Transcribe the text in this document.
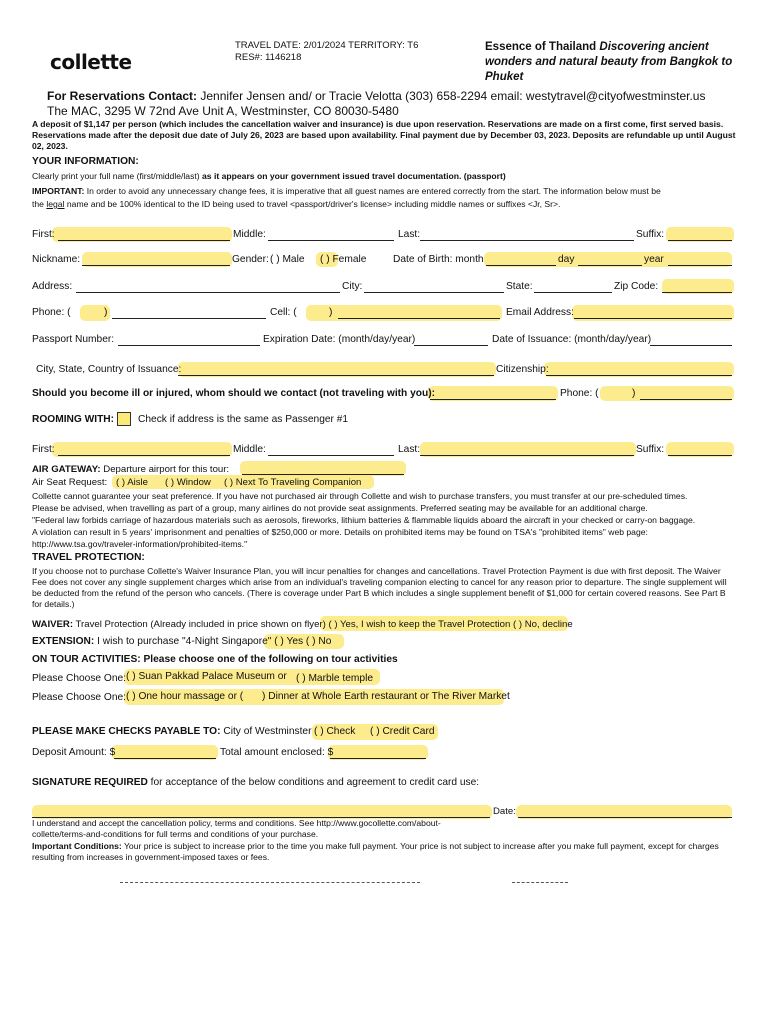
collette
TRAVEL DATE: 2/01/2024 TERRITORY: T6
RES#: 1146218
Essence of Thailand Discovering ancient wonders and natural beauty from Bangkok to Phuket
For Reservations Contact: Jennifer Jensen and/ or Tracie Velotta (303) 658-2294 email: westytravel@cityofwestminster.us
The MAC, 3295 W 72nd Ave Unit A, Westminster, CO 80030-5480
A deposit of $1,147 per person (which includes the cancellation waiver and insurance) is due upon reservation. Reservations are made on a first come, first served basis. Reservations made after the deposit due date of July 26, 2023 are based upon availability. Final payment due by December 03, 2023. Deposits are refundable up until August 02, 2023.
YOUR INFORMATION:
Clearly print your full name (first/middle/last) as it appears on your government issued travel documentation. (passport)
IMPORTANT: In order to avoid any unnecessary change fees, it is imperative that all guest names are entered correctly from the start. The information below must be
the legal name and be 100% identical to the ID being used to travel <passport/driver's license> including middle names or suffixes <Jr, Sr>.
First:	Middle:	Last:	Suffix:
Nickname:	Gender: ( ) Male ( ) Female	Date of Birth: month	day	year
Address:	City:	State:	Zip Code:
Phone: (	)	Cell: (	)	Email Address:
Passport Number:	Expiration Date: (month/day/year)	Date of Issuance: (month/day/year)
City, State, Country of Issuance:	Citizenship:
Should you become ill or injured, whom should we contact (not traveling with you):	Phone: (	)
ROOMING WITH: Check if address is the same as Passenger #1
First:	Middle:	Last:	Suffix:
AIR GATEWAY: Departure airport for this tour:
Air Seat Request: ( ) Aisle ( ) Window ( ) Next To Traveling Companion
Collette cannot guarantee your seat preference. If you have not purchased air through Collette and wish to purchase transfers, you must transfer at our pre-scheduled times.
Please be advised, when travelling as part of a group, many airlines do not provide seat assignments. Preferred seating may be available for an additional charge.
"Federal law forbids carriage of hazardous materials such as aerosols, fireworks, lithium batteries & flammable liquids aboard the aircraft in your checked or carry-on baggage.
A violation can result in 5 years' imprisonment and penalties of $250,000 or more. Details on prohibited items may be found on TSA's "prohibited items" web page:
http://www.tsa.gov/traveler-information/prohibited-items."
TRAVEL PROTECTION:
If you choose not to purchase Collette's Waiver Insurance Plan, you will incur penalties for changes and cancellations. Travel Protection Payment is due with first deposit. The Waiver Fee does not cover any single supplement charges which arise from an individual's traveling companion electing to cancel for any reason prior to departure. The single supplement will be deducted from the refund of the person who cancels. (There is coverage under Part B which includes a single supplement benefit of $1,000 for certain covered reasons. See Part B for details.)
WAIVER: Travel Protection (Already included in price shown on flyer) ( ) Yes, I wish to keep the Travel Protection ( ) No, decline
EXTENSION: I wish to purchase "4-Night Singapore" ( ) Yes ( ) No
ON TOUR ACTIVITIES: Please choose one of the following on tour activities
Please Choose One: ( ) Suan Pakkad Palace Museum or ( ) Marble temple
Please Choose One: ( ) One hour massage or ( ) Dinner at Whole Earth restaurant or The River Market
PLEASE MAKE CHECKS PAYABLE TO: City of Westminster ( ) Check ( ) Credit Card
Deposit Amount: $	Total amount enclosed: $
SIGNATURE REQUIRED for acceptance of the below conditions and agreement to credit card use:
Date:
I understand and accept the cancellation policy, terms and conditions. See http://www.gocollette.com/about-collette/terms-and-conditions for full terms and conditions of your purchase.
Important Conditions: Your price is subject to increase prior to the time you make full payment. Your price is not subject to increase after you make full payment, except for charges resulting from increases in government-imposed taxes or fees.
